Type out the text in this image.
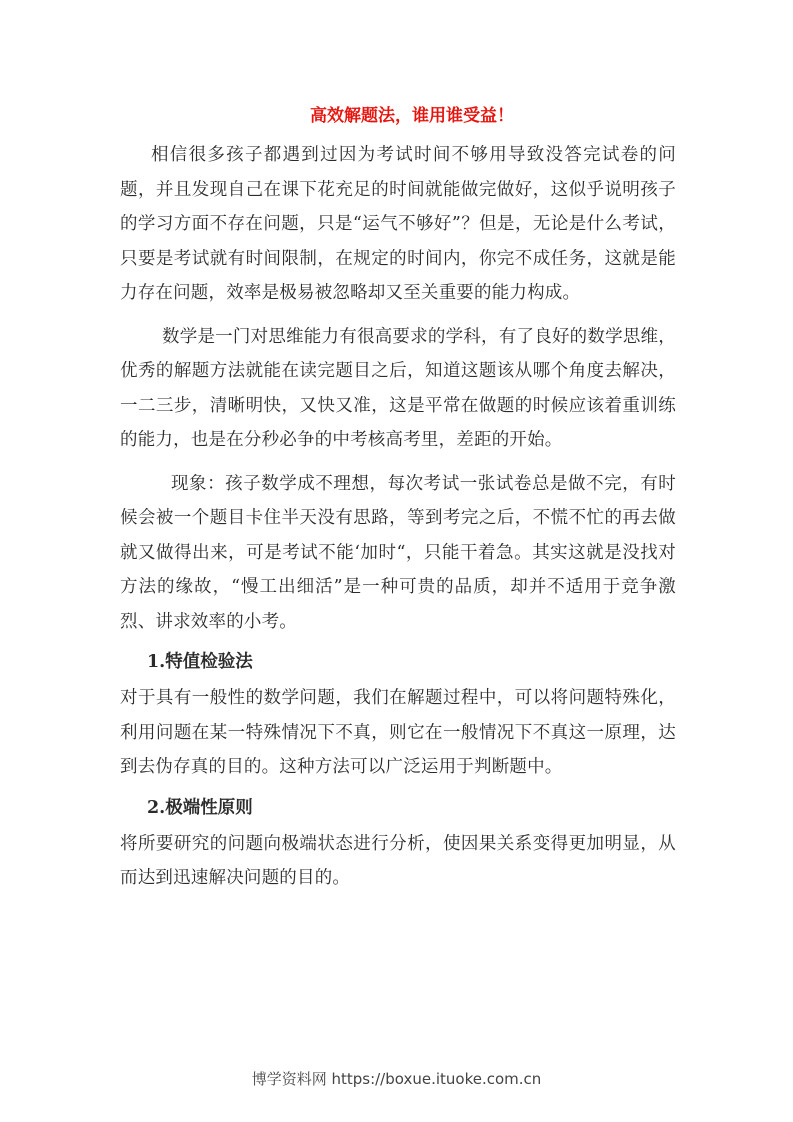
高效解题法，谁用谁受益！

相信很多孩子都遇到过因为考试时间不够用导致没答完试卷的问题，并且发现自己在课下花充足的时间就能做完做好，这似乎说明孩子的学习方面不存在问题，只是“运气不够好”？但是，无论是什么考试，只要是考试就有时间限制，在规定的时间内，你完不成任务，这就是能力存在问题，效率是极易被忽略却又至关重要的能力构成。

数学是一门对思维能力有很高要求的学科，有了良好的数学思维，优秀的解题方法就能在读完题目之后，知道这题该从哪个角度去解决，一二三步，清晰明快，又快又准，这是平常在做题的时候应该着重训练的能力，也是在分秒必争的中考核高考里，差距的开始。

现象：孩子数学成不理想，每次考试一张试卷总是做不完，有时候会被一个题目卡住半天没有思路，等到考完之后，不慌不忙的再去做就又做得出来，可是考试不能‘加时“，只能干着急。其实这就是没找对方法的缘故，“慢工出细活”是一种可贵的品质，却并不适用于竞争激烈、讲求效率的小考。

1.特值检验法

对于具有一般性的数学问题，我们在解题过程中，可以将问题特殊化，利用问题在某一特殊情况下不真，则它在一般情况下不真这一原理，达到去伪存真的目的。这种方法可以广泛运用于判断题中。

2.极端性原则

将所要研究的问题向极端状态进行分析，使因果关系变得更加明显，从而达到迅速解决问题的目的。

博学资料网 https://boxue.ituoke.com.cn
